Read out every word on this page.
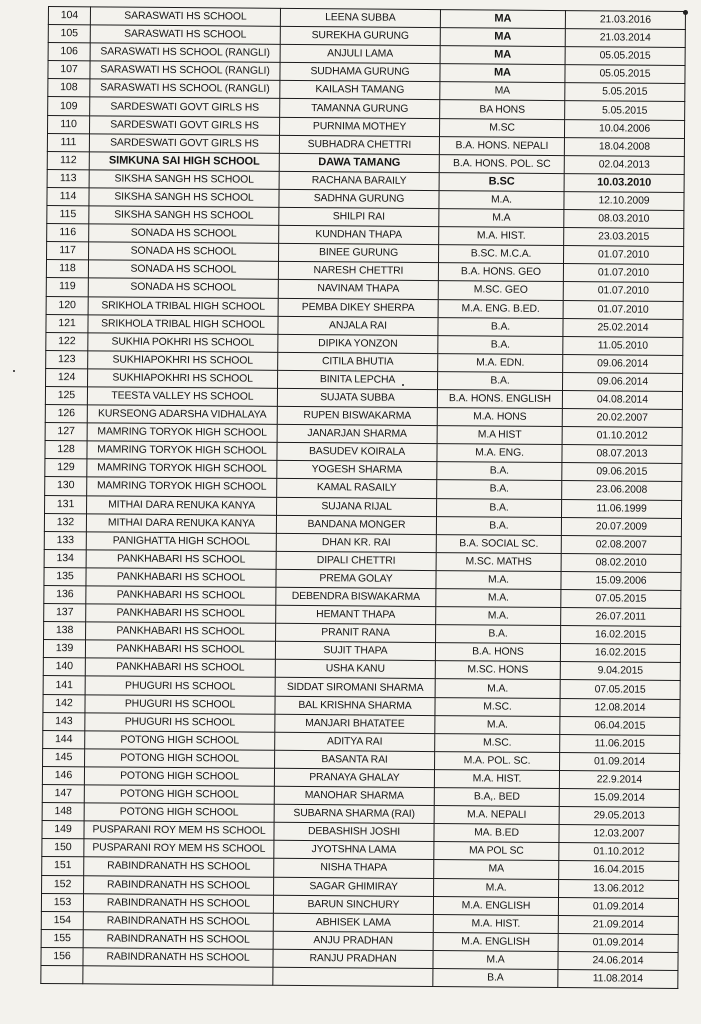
104	SARASWATI HS SCHOOL	LEENA SUBBA	MA	21.03.2016
105	SARASWATI HS SCHOOL	SUREKHA GURUNG	MA	21.03.2014
106	SARASWATI HS SCHOOL (RANGLI)	ANJULI LAMA	MA	05.05.2015
107	SARASWATI HS SCHOOL (RANGLI)	SUDHAMA GURUNG	MA	05.05.2015
108	SARASWATI HS SCHOOL (RANGLI)	KAILASH TAMANG	MA	5.05.2015
109	SARDESWATI GOVT GIRLS HS	TAMANNA GURUNG	BA HONS	5.05.2015
110	SARDESWATI GOVT GIRLS HS	PURNIMA MOTHEY	M.SC	10.04.2006
111	SARDESWATI GOVT GIRLS HS	SUBHADRA CHETTRI	B.A. HONS. NEPALI	18.04.2008
112	SIMKUNA SAI HIGH SCHOOL	DAWA TAMANG	B.A. HONS. POL. SC	02.04.2013
113	SIKSHA SANGH HS SCHOOL	RACHANA BARAILY	B.SC	10.03.2010
114	SIKSHA SANGH HS SCHOOL	SADHNA GURUNG	M.A.	12.10.2009
115	SIKSHA SANGH HS SCHOOL	SHILPI RAI	M.A	08.03.2010
116	SONADA HS SCHOOL	KUNDHAN THAPA	M.A. HIST.	23.03.2015
117	SONADA HS SCHOOL	BINEE GURUNG	B.SC. M.C.A.	01.07.2010
118	SONADA HS SCHOOL	NARESH CHETTRI	B.A. HONS. GEO	01.07.2010
119	SONADA HS SCHOOL	NAVINAM THAPA	M.SC. GEO	01.07.2010
120	SRIKHOLA TRIBAL HIGH SCHOOL	PEMBA DIKEY SHERPA	M.A. ENG. B.ED.	01.07.2010
121	SRIKHOLA TRIBAL HIGH SCHOOL	ANJALA RAI	B.A.	25.02.2014
122	SUKHIA POKHRI HS SCHOOL	DIPIKA YONZON	B.A.	11.05.2010
123	SUKHIAPOKHRI HS SCHOOL	CITILA BHUTIA	M.A. EDN.	09.06.2014
124	SUKHIAPOKHRI HS SCHOOL	BINITA LEPCHA	B.A.	09.06.2014
125	TEESTA VALLEY HS SCHOOL	SUJATA SUBBA	B.A. HONS. ENGLISH	04.08.2014
126	KURSEONG ADARSHA VIDHALAYA	RUPEN BISWAKARMA	M.A. HONS	20.02.2007
127	MAMRING TORYOK HIGH SCHOOL	JANARJAN SHARMA	M.A HIST	01.10.2012
128	MAMRING TORYOK HIGH SCHOOL	BASUDEV KOIRALA	M.A. ENG.	08.07.2013
129	MAMRING TORYOK HIGH SCHOOL	YOGESH SHARMA	B.A.	09.06.2015
130	MAMRING TORYOK HIGH SCHOOL	KAMAL RASAILY	B.A.	23.06.2008
131	MITHAI DARA RENUKA KANYA	SUJANA RIJAL	B.A.	11.06.1999
132	MITHAI DARA RENUKA KANYA	BANDANA MONGER	B.A.	20.07.2009
133	PANIGHATTA HIGH SCHOOL	DHAN KR. RAI	B.A. SOCIAL SC.	02.08.2007
134	PANKHABARI HS SCHOOL	DIPALI CHETTRI	M.SC. MATHS	08.02.2010
135	PANKHABARI HS SCHOOL	PREMA GOLAY	M.A.	15.09.2006
136	PANKHABARI HS SCHOOL	DEBENDRA BISWAKARMA	M.A.	07.05.2015
137	PANKHABARI HS SCHOOL	HEMANT THAPA	M.A.	26.07.2011
138	PANKHABARI HS SCHOOL	PRANIT RANA	B.A.	16.02.2015
139	PANKHABARI HS SCHOOL	SUJIT THAPA	B.A. HONS	16.02.2015
140	PANKHABARI HS SCHOOL	USHA KANU	M.SC. HONS	9.04.2015
141	PHUGURI HS SCHOOL	SIDDAT SIROMANI SHARMA	M.A.	07.05.2015
142	PHUGURI HS SCHOOL	BAL KRISHNA SHARMA	M.SC.	12.08.2014
143	PHUGURI HS SCHOOL	MANJARI BHATATEE	M.A.	06.04.2015
144	POTONG HIGH SCHOOL	ADITYA RAI	M.SC.	11.06.2015
145	POTONG HIGH SCHOOL	BASANTA RAI	M.A. POL. SC.	01.09.2014
146	POTONG HIGH SCHOOL	PRANAYA GHALAY	M.A. HIST.	22.9.2014
147	POTONG HIGH SCHOOL	MANOHAR SHARMA	B.A,. BED	15.09.2014
148	POTONG HIGH SCHOOL	SUBARNA SHARMA (RAI)	M.A. NEPALI	29.05.2013
149	PUSPARANI ROY MEM HS SCHOOL	DEBASHISH JOSHI	MA. B.ED	12.03.2007
150	PUSPARANI ROY MEM HS SCHOOL	JYOTSHNA LAMA	MA POL SC	01.10.2012
151	RABINDRANATH HS SCHOOL	NISHA THAPA	MA	16.04.2015
152	RABINDRANATH HS SCHOOL	SAGAR GHIMIRAY	M.A.	13.06.2012
153	RABINDRANATH HS SCHOOL	BARUN SINCHURY	M.A. ENGLISH	01.09.2014
154	RABINDRANATH HS SCHOOL	ABHISEK LAMA	M.A. HIST.	21.09.2014
155	RABINDRANATH HS SCHOOL	ANJU PRADHAN	M.A. ENGLISH	01.09.2014
156	RABINDRANATH HS SCHOOL	RANJU PRADHAN	M.A	24.06.2014
			B.A	11.08.2014
